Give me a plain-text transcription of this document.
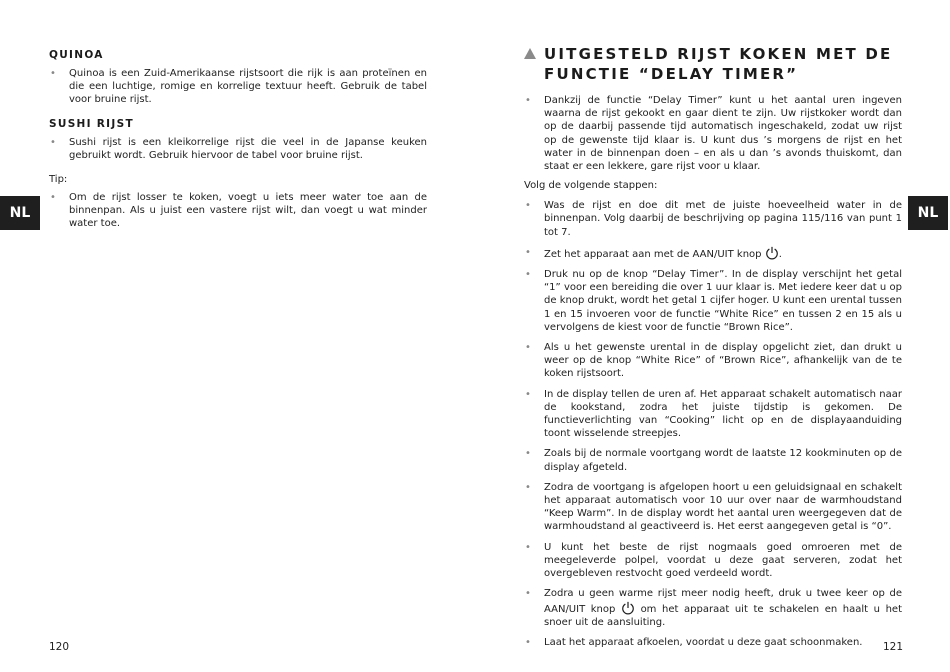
NL
QUINOA
• Quinoa is een Zuid-Amerikaanse rijstsoort die rijk is aan proteïnen en die een luchtige, romige en korrelige textuur heeft. Gebruik de tabel voor bruine rijst.
SUSHI RIJST
• Sushi rijst is een kleikorrelige rijst die veel in de Japanse keuken gebruikt wordt. Gebruik hiervoor de tabel voor bruine rijst.
Tip:
• Om de rijst losser te koken, voegt u iets meer water toe aan de binnenpan. Als u juist een vastere rijst wilt, dan voegt u wat minder water toe.
120
NL
UITGESTELD RIJST KOKEN MET DE
FUNCTIE “DELAY TIMER”
• Dankzij de functie “Delay Timer” kunt u het aantal uren ingeven waarna de rijst gekookt en gaar dient te zijn. Uw rijstkoker wordt dan op de daarbij passende tijd automatisch ingeschakeld, zodat uw rijst op de gewenste tijd klaar is. U kunt dus ’s morgens de rijst en het water in de binnenpan doen – en als u dan ’s avonds thuiskomt, dan staat er een lekkere, gare rijst voor u klaar.
Volg de volgende stappen:
• Was de rijst en doe dit met de juiste hoeveelheid water in de binnenpan. Volg daarbij de beschrijving op pagina 115/116 van punt 1 tot 7.
• Zet het apparaat aan met de AAN/UIT knop .
• Druk nu op de knop “Delay Timer”. In de display verschijnt het getal “1” voor een bereiding die over 1 uur klaar is. Met iedere keer dat u op de knop drukt, wordt het getal 1 cijfer hoger. U kunt een urental tussen 1 en 15 invoeren voor de functie “White Rice” en tussen 2 en 15 als u vervolgens de kiest voor de functie “Brown Rice”.
• Als u het gewenste urental in de display opgelicht ziet, dan drukt u weer op de knop “White Rice” of “Brown Rice”, afhankelijk van de te koken rijstsoort.
• In de display tellen de uren af. Het apparaat schakelt automatisch naar de kookstand, zodra het juiste tijdstip is gekomen. De functieverlichting van “Cooking” licht op en de displayaanduiding toont wisselende streepjes.
• Zoals bij de normale voortgang wordt de laatste 12 kookminuten op de display afgeteld.
• Zodra de voortgang is afgelopen hoort u een geluidsignaal en schakelt het apparaat automatisch voor 10 uur over naar de warmhoudstand “Keep Warm”. In de display wordt het aantal uren weergegeven dat de warmhoudstand al geactiveerd is. Het eerst aangegeven getal is “0”.
• U kunt het beste de rijst nogmaals goed omroeren met de meegeleverde polpel, voordat u deze gaat serveren, zodat het overgebleven restvocht goed verdeeld wordt.
• Zodra u geen warme rijst meer nodig heeft, druk u twee keer op de AAN/UIT knop	om het apparaat uit te schakelen en haalt u het snoer uit de aansluiting.
• Laat het apparaat afkoelen, voordat u deze gaat schoonmaken.	121
